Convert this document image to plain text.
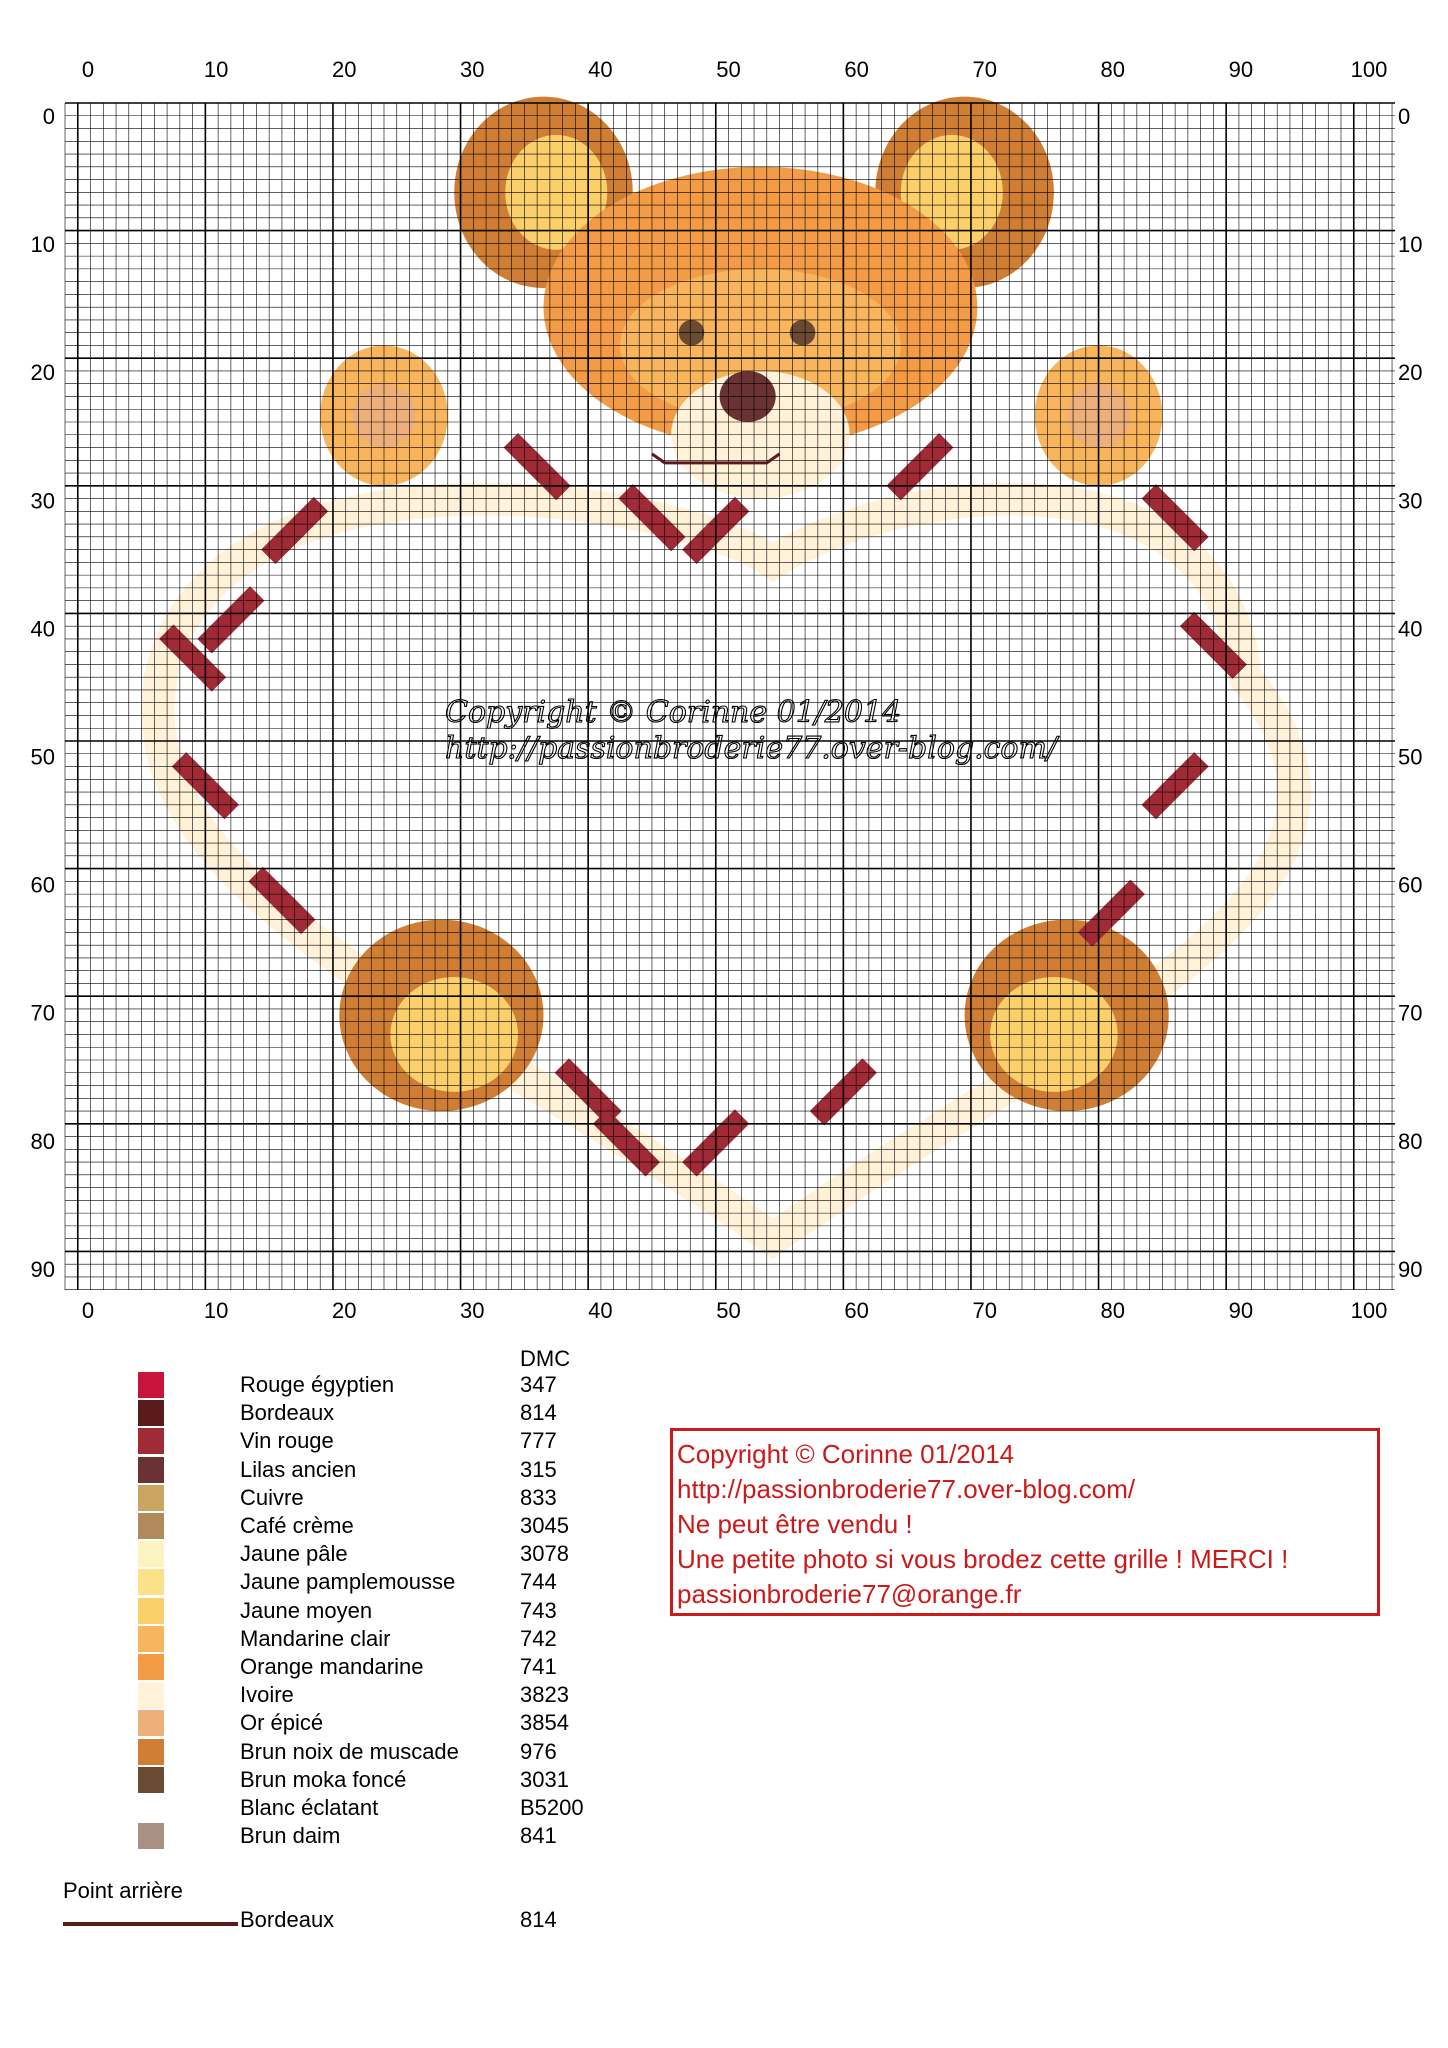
0
0
10
10
20
20
30
30
40
40
50
50
60
60
70
70
80
80
90
90
100
100
0	0
10	10
20	20
30	30
40	40
50	50
60	60
70	70
80	80
90	90
Copyright © Corinne 01/2014
http://passionbroderie77.over-blog.com/
DMC
Rouge égyptien	347
Bordeaux	814
Vin rouge	777
Lilas ancien	315
Cuivre	833
Café crème	3045
Jaune pâle	3078
Jaune pamplemousse	744
Jaune moyen	743
Mandarine clair	742
Orange mandarine	741
Ivoire	3823
Or épicé	3854
Brun noix de muscade	976
Brun moka foncé	3031
Blanc éclatant	B5200
Brun daim	841
Point arrière
Bordeaux	814
Copyright © Corinne 01/2014
http://passionbroderie77.over-blog.com/
Ne peut être vendu !
Une petite photo si vous brodez cette grille ! MERCI !
passionbroderie77@orange.fr
